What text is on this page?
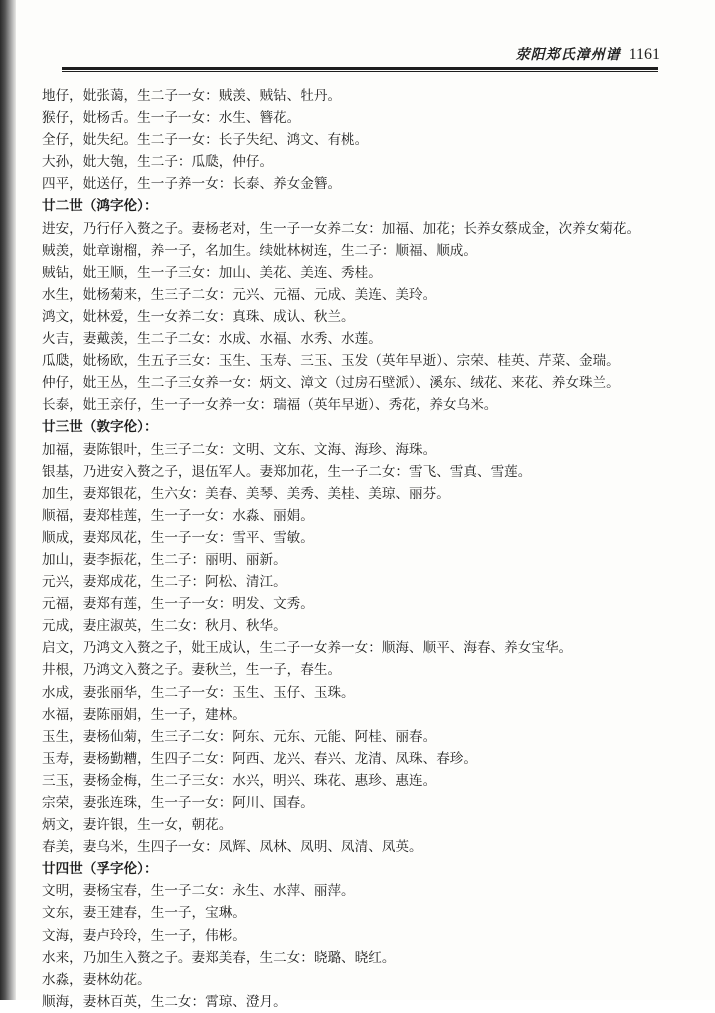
荥阳郑氏漳州谱 1161
地仔，妣张蔼，生二子一女：贼羡、贼钻、牡丹。
猴仔，妣杨舌。生一子一女：水生、簪花。
全仔，妣失纪。生二子一女：长子失纪、鸿文、有桃。
大孙，妣大匏，生二子：瓜瓞，仲仔。
四平，妣送仔，生一子养一女：长泰、养女金簪。
廿二世（鸿字伦）：
进安，乃行仔入赘之子。妻杨老对，生一子一女养二女：加福、加花；长养女蔡成金，次养女菊花。
贼羡，妣章谢榴，养一子，名加生。续妣林树连，生二子：顺福、顺成。
贼钻，妣王顺，生一子三女：加山、美花、美连、秀桂。
水生，妣杨菊来，生三子二女：元兴、元福、元成、美连、美玲。
鸿文，妣林爱，生一女养二女：真珠、成认、秋兰。
火吉，妻戴羡，生二子二女：水成、水福、水秀、水莲。
瓜瓞，妣杨欧，生五子三女：玉生、玉寿、三玉、玉发（英年早逝）、宗荣、桂英、芹菜、金瑞。
仲仔，妣王丛，生二子三女养一女：炳文、漳文（过房石壁派）、溪东、绒花、来花、养女珠兰。
长泰，妣王亲仔，生一子一女养一女：瑞福（英年早逝）、秀花，养女乌米。
廿三世（敦字伦）：
加福，妻陈银叶，生三子二女：文明、文东、文海、海珍、海珠。
银基，乃进安入赘之子，退伍军人。妻郑加花，生一子二女：雪飞、雪真、雪莲。
加生，妻郑银花，生六女：美春、美琴、美秀、美桂、美琼、丽芬。
顺福，妻郑桂莲，生一子一女：水淼、丽娟。
顺成，妻郑凤花，生一子一女：雪平、雪敏。
加山，妻李振花，生二子：丽明、丽新。
元兴，妻郑成花，生二子：阿松、清江。
元福，妻郑有莲，生一子一女：明发、文秀。
元成，妻庄淑英，生二女：秋月、秋华。
启文，乃鸿文入赘之子，妣王成认，生二子一女养一女：顺海、顺平、海春、养女宝华。
井根，乃鸿文入赘之子。妻秋兰，生一子，春生。
水成，妻张丽华，生二子一女：玉生、玉仔、玉珠。
水福，妻陈丽娟，生一子，建林。
玉生，妻杨仙菊，生三子二女：阿东、元东、元能、阿桂、丽春。
玉寿，妻杨勤糟，生四子二女：阿西、龙兴、春兴、龙清、凤珠、春珍。
三玉，妻杨金梅，生二子三女：水兴，明兴、珠花、惠珍、惠连。
宗荣，妻张连珠，生一子一女：阿川、国春。
炳文，妻许银，生一女，朝花。
春美，妻乌米，生四子一女：凤辉、凤林、凤明、凤清、凤英。
廿四世（孚字伦）：
文明，妻杨宝春，生一子二女：永生、水萍、丽萍。
文东，妻王建春，生一子，宝琳。
文海，妻卢玲玲，生一子，伟彬。
水来，乃加生入赘之子。妻郑美春，生二女：晓璐、晓红。
水淼，妻林幼花。
顺海，妻林百英，生二女：霄琼、澄月。
